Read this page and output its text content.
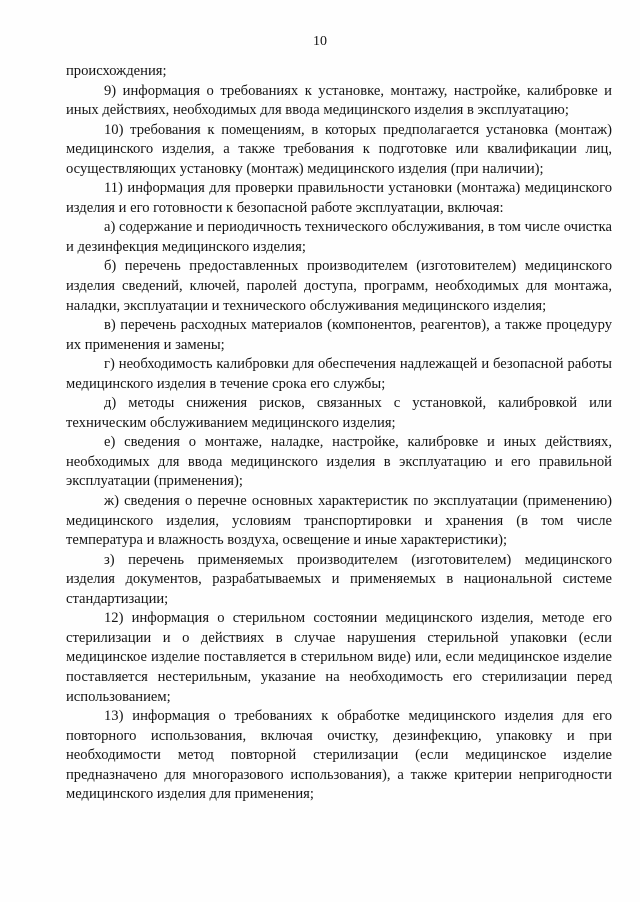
10

происхождения;

9) информация о требованиях к установке, монтажу, настройке, калибровке и иных действиях, необходимых для ввода медицинского изделия в эксплуатацию;

10) требования к помещениям, в которых предполагается установка (монтаж) медицинского изделия, а также требования к подготовке или квалификации лиц, осуществляющих установку (монтаж) медицинского изделия (при наличии);

11) информация для проверки правильности установки (монтажа) медицинского изделия и его готовности к безопасной работе эксплуатации, включая:

а) содержание и периодичность технического обслуживания, в том числе очистка и дезинфекция медицинского изделия;

б) перечень предоставленных производителем (изготовителем) медицинского изделия сведений, ключей, паролей доступа, программ, необходимых для монтажа, наладки, эксплуатации и технического обслуживания медицинского изделия;

в) перечень расходных материалов (компонентов, реагентов), а также процедуру их применения и замены;

г) необходимость калибровки для обеспечения надлежащей и безопасной работы медицинского изделия в течение срока его службы;

д) методы снижения рисков, связанных с установкой, калибровкой или техническим обслуживанием медицинского изделия;

е) сведения о монтаже, наладке, настройке, калибровке и иных действиях, необходимых для ввода медицинского изделия в эксплуатацию и его правильной эксплуатации (применения);

ж) сведения о перечне основных характеристик по эксплуатации (применению) медицинского изделия, условиям транспортировки и хранения (в том числе температура и влажность воздуха, освещение и иные характеристики);

з) перечень применяемых производителем (изготовителем) медицинского изделия документов, разрабатываемых и применяемых в национальной системе стандартизации;

12) информация о стерильном состоянии медицинского изделия, методе его стерилизации и о действиях в случае нарушения стерильной упаковки (если медицинское изделие поставляется в стерильном виде) или, если медицинское изделие поставляется нестерильным, указание на необходимость его стерилизации перед использованием;

13) информация о требованиях к обработке медицинского изделия для его повторного использования, включая очистку, дезинфекцию, упаковку и при необходимости метод повторной стерилизации (если медицинское изделие предназначено для многоразового использования), а также критерии непригодности медицинского изделия для применения;
